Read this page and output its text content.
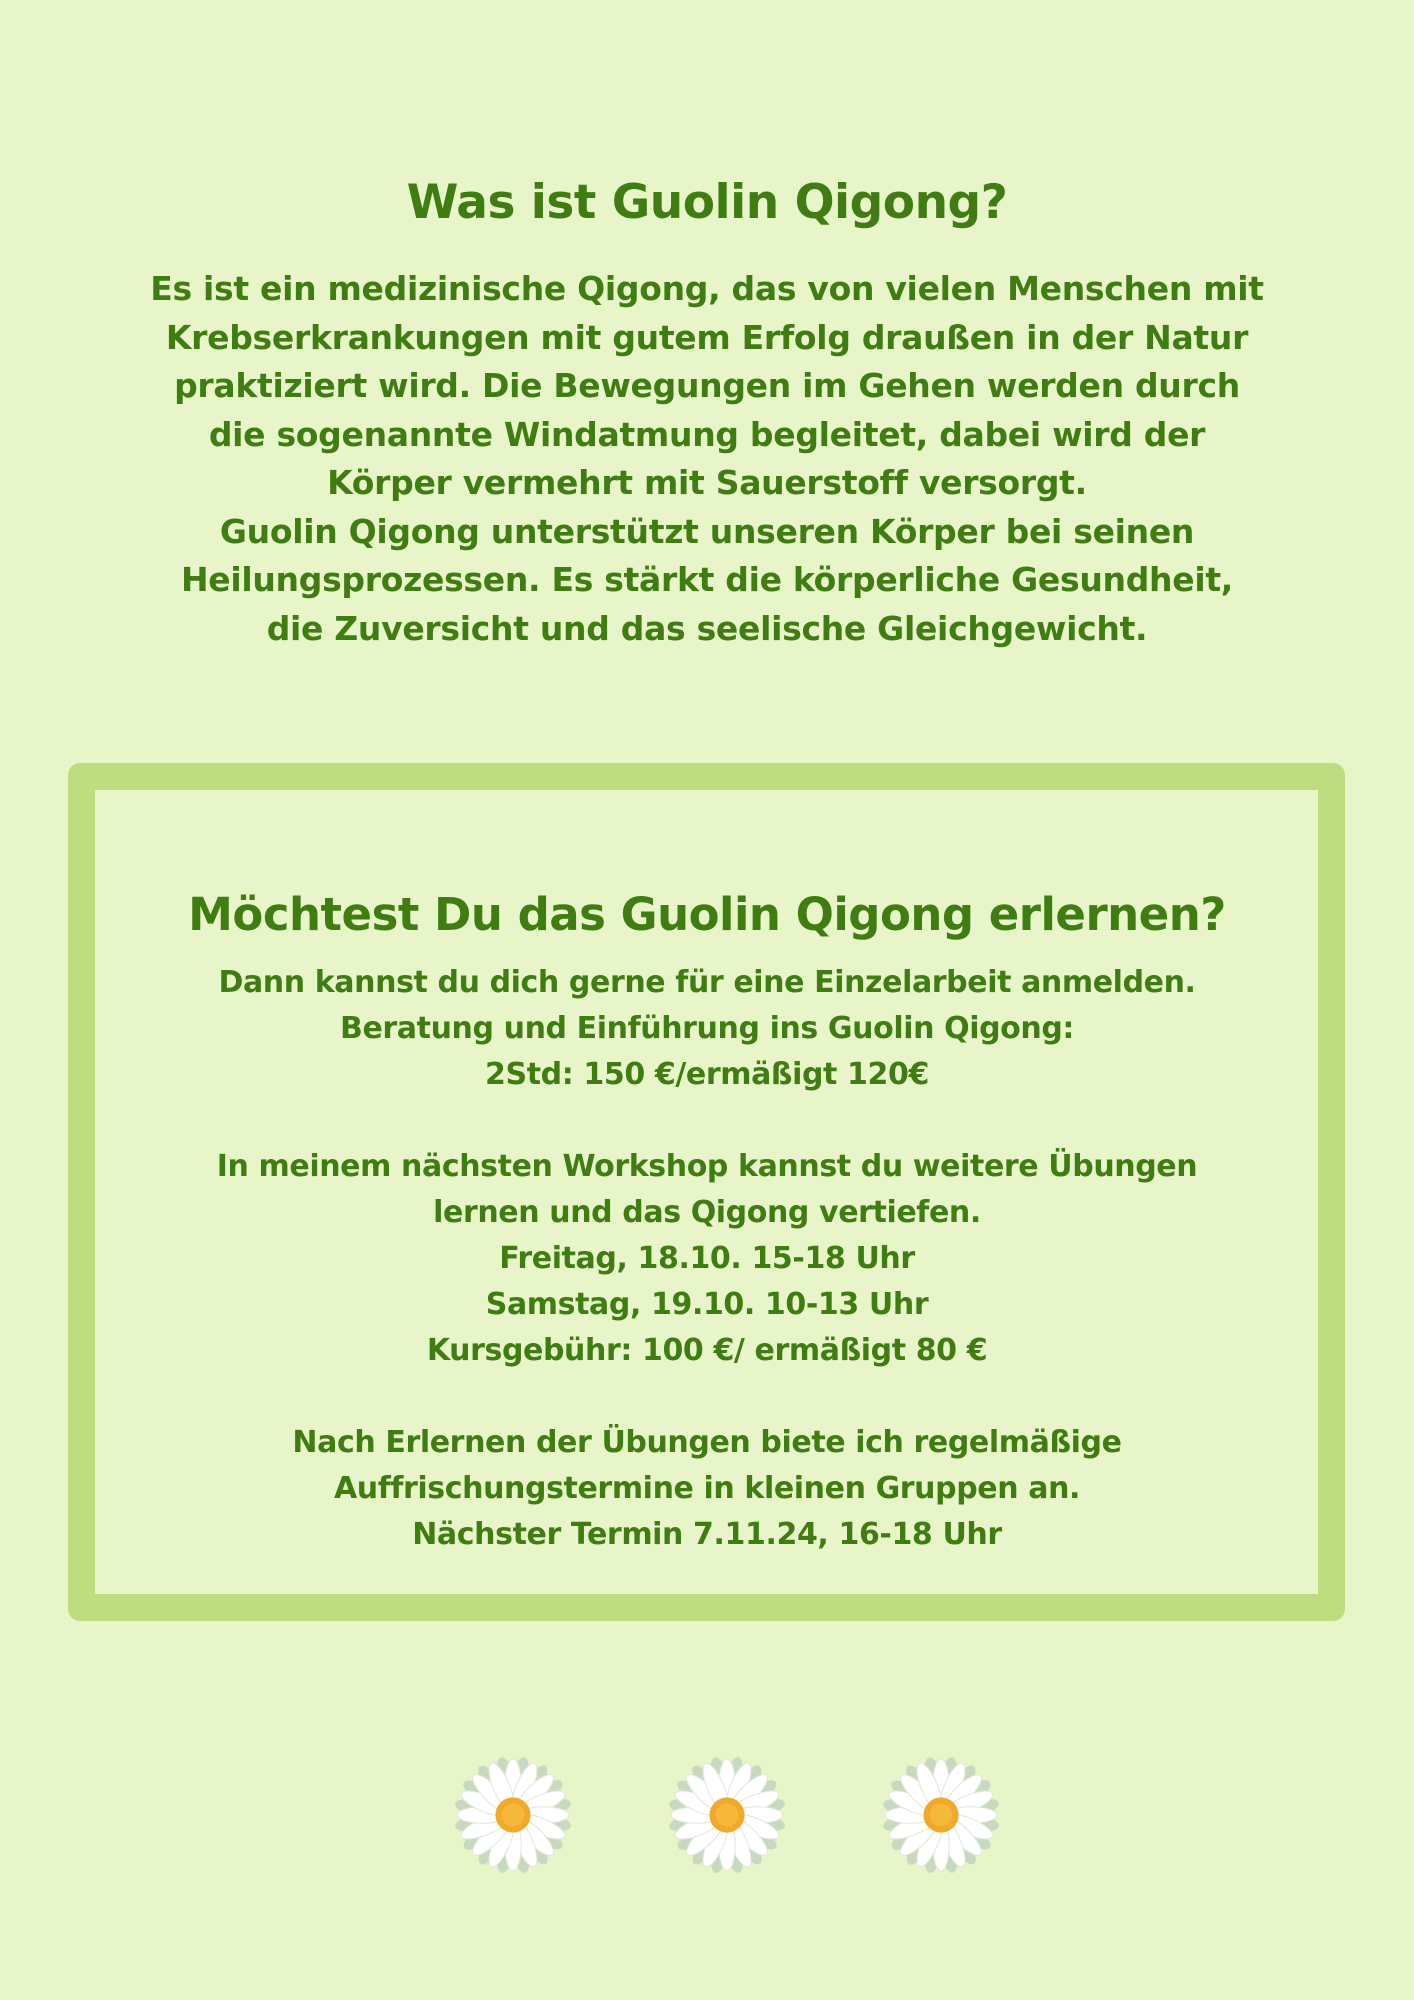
Was ist Guolin Qigong?
Es ist ein medizinische Qigong, das von vielen Menschen mit
Krebserkrankungen mit gutem Erfolg draußen in der Natur
praktiziert wird. Die Bewegungen im Gehen werden durch
die sogenannte Windatmung begleitet, dabei wird der
Körper vermehrt mit Sauerstoff versorgt.
Guolin Qigong unterstützt unseren Körper bei seinen
Heilungsprozessen. Es stärkt die körperliche Gesundheit,
die Zuversicht und das seelische Gleichgewicht.
Möchtest Du das Guolin Qigong erlernen?
Dann kannst du dich gerne für eine Einzelarbeit anmelden.
Beratung und Einführung ins Guolin Qigong:
2Std: 150 €/ermäßigt 120€
In meinem nächsten Workshop kannst du weitere Übungen
lernen und das Qigong vertiefen.
Freitag, 18.10. 15-18 Uhr
Samstag, 19.10. 10-13 Uhr
Kursgebühr: 100 €/ ermäßigt 80 €
Nach Erlernen der Übungen biete ich regelmäßige
Auffrischungstermine in kleinen Gruppen an.
Nächster Termin 7.11.24, 16-18 Uhr
